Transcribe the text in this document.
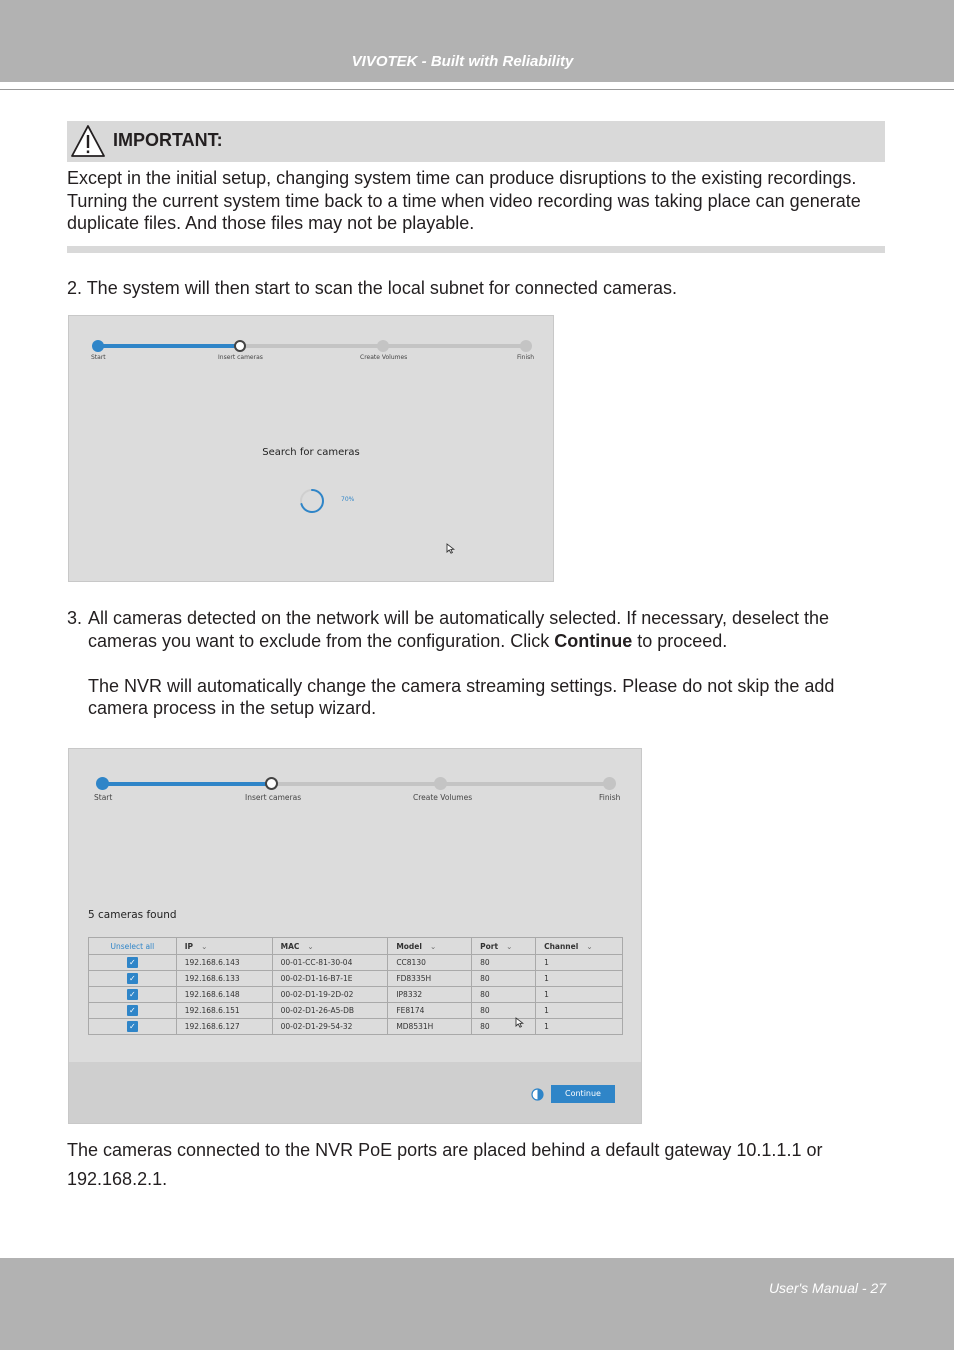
VIVOTEK - Built with Reliability
IMPORTANT:
Except in the initial setup, changing system time can produce disruptions to the existing recordings. Turning the current system time back to a time when video recording was taking place can generate duplicate files. And those files may not be playable.
2. The system will then start to scan the local subnet for connected cameras.
Start	Insert cameras	Create Volumes	Finish
Search for cameras
70%
3. All cameras detected on the network will be automatically selected. If necessary, deselect the
cameras you want to exclude from the configuration. Click Continue to proceed.
The NVR will automatically change the camera streaming settings. Please do not skip the add
camera process in the setup wizard.
Start	Insert cameras	Create Volumes	Finish
5 cameras found
Unselect all	IP ⌄	MAC ⌄	Model ⌄	Port ⌄	Channel ⌄
✓	192.168.6.143	00-01-CC-81-30-04	CC8130	80	1
✓	192.168.6.133	00-02-D1-16-B7-1E	FD8335H	80	1
✓	192.168.6.148	00-02-D1-19-2D-02	IP8332	80	1
✓	192.168.6.151	00-02-D1-26-A5-DB	FE8174	80	1
✓	192.168.6.127	00-02-D1-29-54-32	MD8531H	80	1
Continue
The cameras connected to the NVR PoE ports are placed behind a default gateway 10.1.1.1 or
192.168.2.1.
User's Manual - 27
